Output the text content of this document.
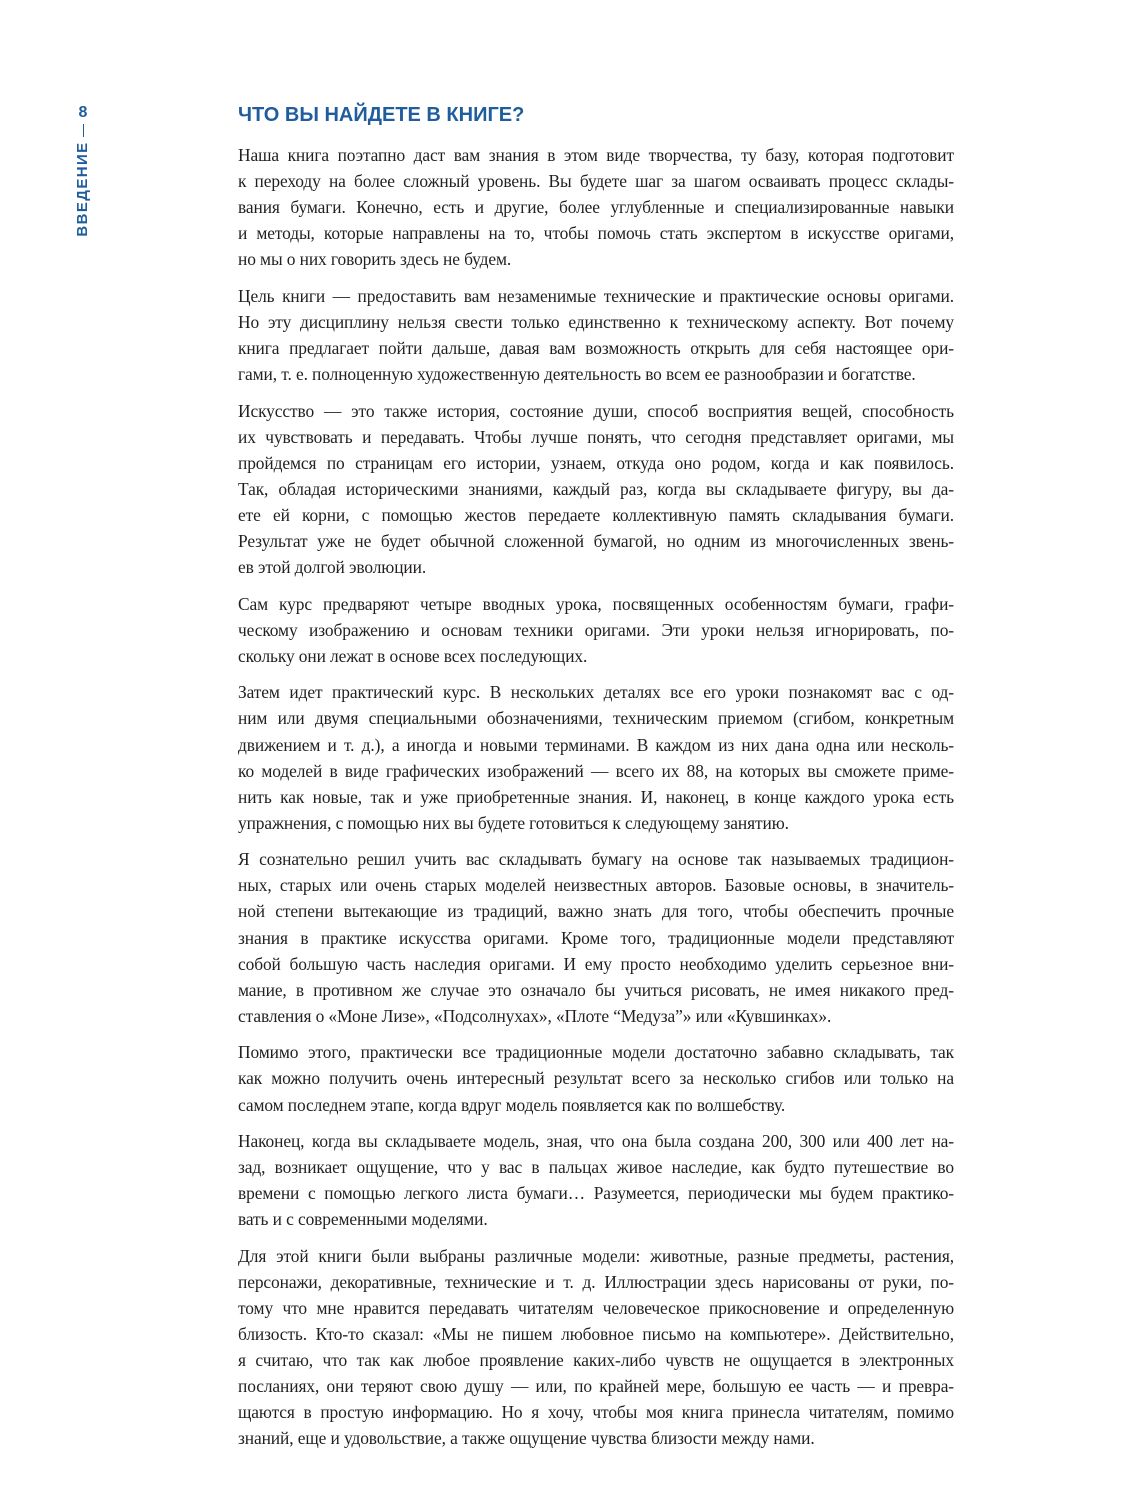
8
ВВЕДЕНИЕ
ЧТО ВЫ НАЙДЕТЕ В КНИГЕ?

Наша книга поэтапно даст вам знания в этом виде творчества, ту базу, которая подготовит
к переходу на более сложный уровень. Вы будете шаг за шагом осваивать процесс склады-
вания бумаги. Конечно, есть и другие, более углубленные и специализированные навыки
и методы, которые направлены на то, чтобы помочь стать экспертом в искусстве оригами,
но мы о них говорить здесь не будем.

Цель книги — предоставить вам незаменимые технические и практические основы оригами.
Но эту дисциплину нельзя свести только единственно к техническому аспекту. Вот почему
книга предлагает пойти дальше, давая вам возможность открыть для себя настоящее ори-
гами, т. е. полноценную художественную деятельность во всем ее разнообразии и богатстве.

Искусство — это также история, состояние души, способ восприятия вещей, способность
их чувствовать и передавать. Чтобы лучше понять, что сегодня представляет оригами, мы
пройдемся по страницам его истории, узнаем, откуда оно родом, когда и как появилось.
Так, обладая историческими знаниями, каждый раз, когда вы складываете фигуру, вы да-
ете ей корни, с помощью жестов передаете коллективную память складывания бумаги.
Результат уже не будет обычной сложенной бумагой, но одним из многочисленных звень-
ев этой долгой эволюции.

Сам курс предваряют четыре вводных урока, посвященных особенностям бумаги, графи-
ческому изображению и основам техники оригами. Эти уроки нельзя игнорировать, по-
скольку они лежат в основе всех последующих.

Затем идет практический курс. В нескольких деталях все его уроки познакомят вас с од-
ним или двумя специальными обозначениями, техническим приемом (сгибом, конкретным
движением и т. д.), а иногда и новыми терминами. В каждом из них дана одна или несколь-
ко моделей в виде графических изображений — всего их 88, на которых вы сможете приме-
нить как новые, так и уже приобретенные знания. И, наконец, в конце каждого урока есть
упражнения, с помощью них вы будете готовиться к следующему занятию.

Я сознательно решил учить вас складывать бумагу на основе так называемых традицион-
ных, старых или очень старых моделей неизвестных авторов. Базовые основы, в значитель-
ной степени вытекающие из традиций, важно знать для того, чтобы обеспечить прочные
знания в практике искусства оригами. Кроме того, традиционные модели представляют
собой большую часть наследия оригами. И ему просто необходимо уделить серьезное вни-
мание, в противном же случае это означало бы учиться рисовать, не имея никакого пред-
ставления о «Моне Лизе», «Подсолнухах», «Плоте “Медуза”» или «Кувшинках».

Помимо этого, практически все традиционные модели достаточно забавно складывать, так
как можно получить очень интересный результат всего за несколько сгибов или только на
самом последнем этапе, когда вдруг модель появляется как по волшебству.

Наконец, когда вы складываете модель, зная, что она была создана 200, 300 или 400 лет на-
зад, возникает ощущение, что у вас в пальцах живое наследие, как будто путешествие во
времени с помощью легкого листа бумаги… Разумеется, периодически мы будем практико-
вать и с современными моделями.

Для этой книги были выбраны различные модели: животные, разные предметы, растения,
персонажи, декоративные, технические и т. д. Иллюстрации здесь нарисованы от руки, по-
тому что мне нравится передавать читателям человеческое прикосновение и определенную
близость. Кто-то сказал: «Мы не пишем любовное письмо на компьютере». Действительно,
я считаю, что так как любое проявление каких-либо чувств не ощущается в электронных
посланиях, они теряют свою душу — или, по крайней мере, большую ее часть — и превра-
щаются в простую информацию. Но я хочу, чтобы моя книга принесла читателям, помимо
знаний, еще и удовольствие, а также ощущение чувства близости между нами.
